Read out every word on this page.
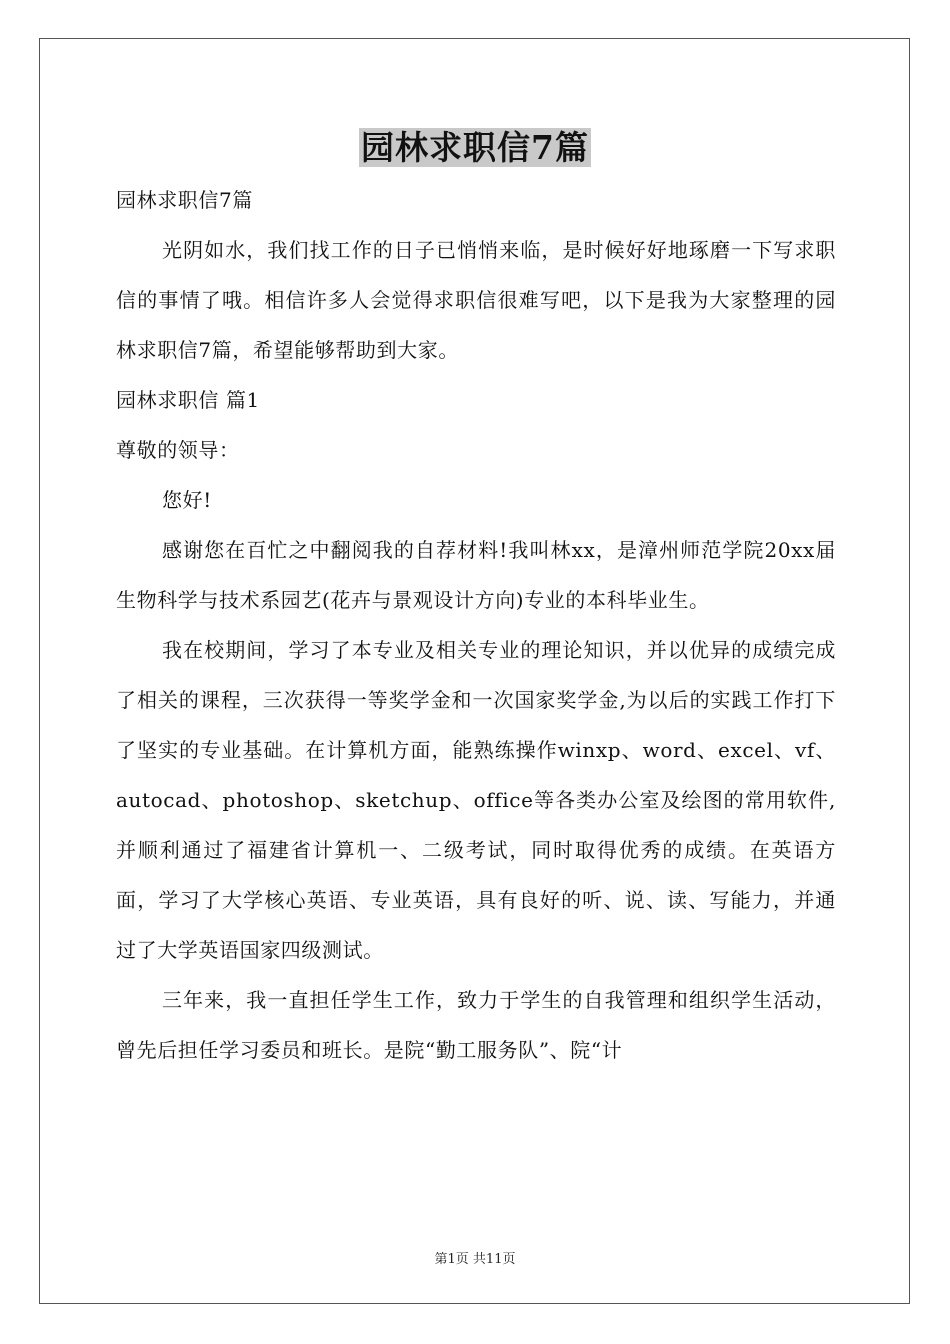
园林求职信7篇

园林求职信7篇

光阴如水，我们找工作的日子已悄悄来临，是时候好好地琢磨一下写求职信的事情了哦。相信许多人会觉得求职信很难写吧，以下是我为大家整理的园林求职信7篇，希望能够帮助到大家。

园林求职信 篇1

尊敬的领导：

您好!

感谢您在百忙之中翻阅我的自荐材料!我叫林xx，是漳州师范学院20xx届生物科学与技术系园艺(花卉与景观设计方向)专业的本科毕业生。

我在校期间，学习了本专业及相关专业的理论知识，并以优异的成绩完成了相关的课程，三次获得一等奖学金和一次国家奖学金,为以后的实践工作打下了坚实的专业基础。在计算机方面，能熟练操作winxp、word、excel、vf、autocad、photoshop、sketchup、office等各类办公室及绘图的常用软件,并顺利通过了福建省计算机一、二级考试，同时取得优秀的成绩。在英语方面，学习了大学核心英语、专业英语，具有良好的听、说、读、写能力，并通过了大学英语国家四级测试。

三年来，我一直担任学生工作，致力于学生的自我管理和组织学生活动，曾先后担任学习委员和班长。是院“勤工服务队”、院“计

第1页 共11页
